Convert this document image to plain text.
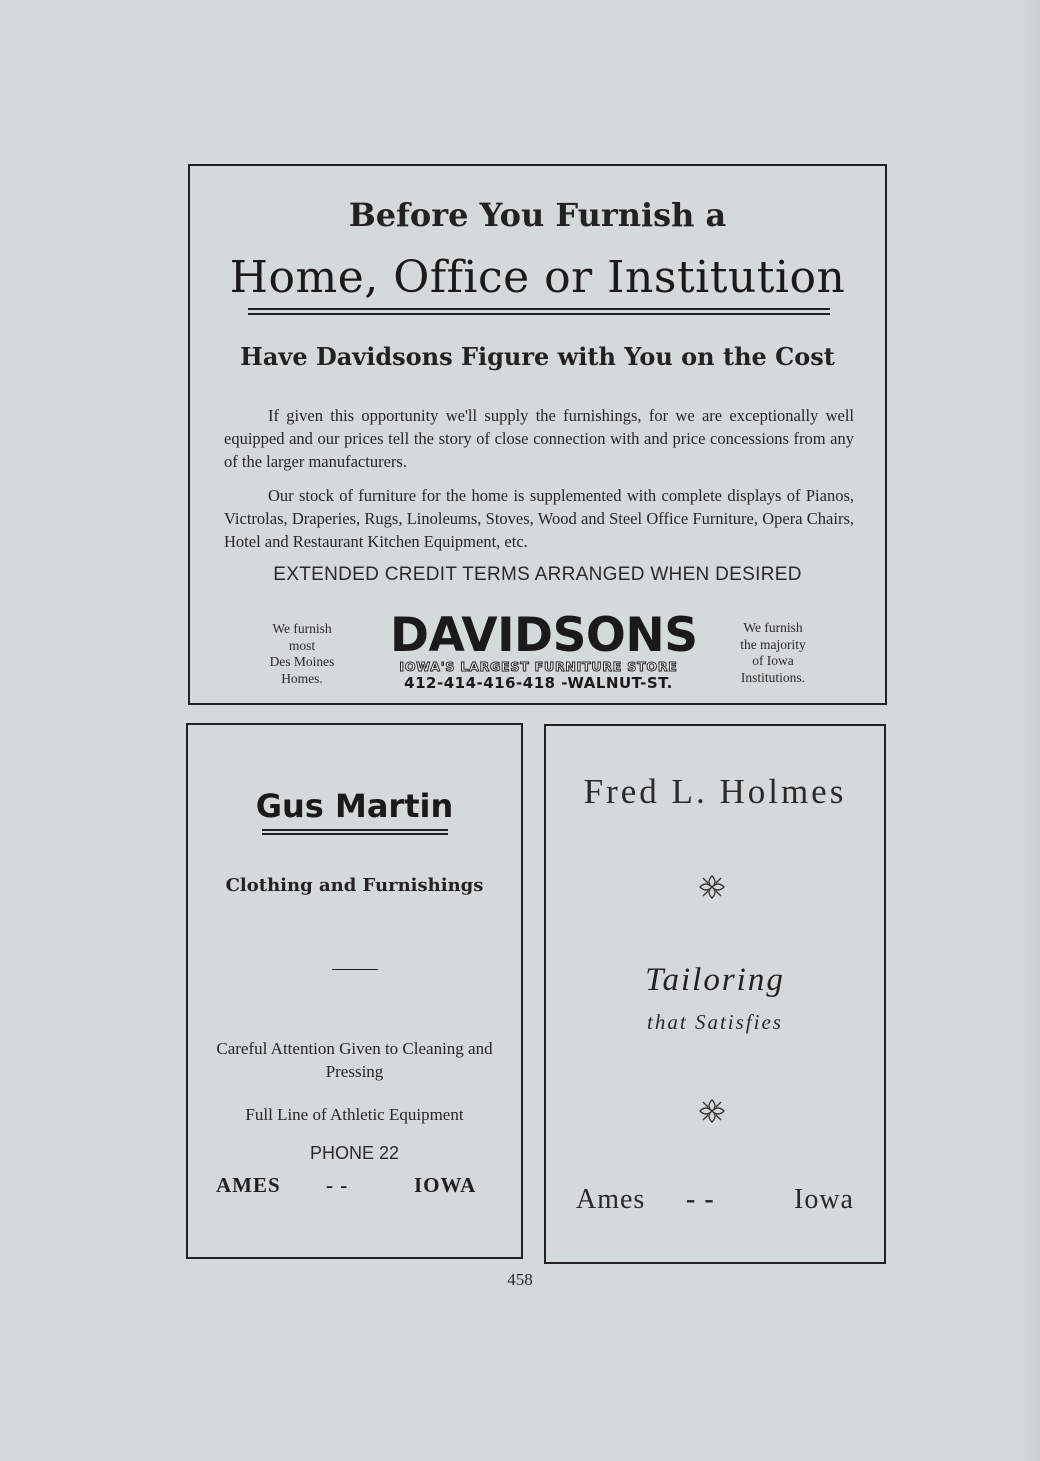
Before You Furnish a
Home, Office or Institution
Have Davidsons Figure with You on the Cost

If given this opportunity we'll supply the furnishings, for we are exceptionally well equipped and our prices tell the story of close connection with and price concessions from any of the larger manufacturers.

Our stock of furniture for the home is supplemented with complete displays of Pianos, Victrolas, Draperies, Rugs, Linoleums, Stoves, Wood and Steel Office Furniture, Opera Chairs, Hotel and Restaurant Kitchen Equipment, etc.

EXTENDED CREDIT TERMS ARRANGED WHEN DESIRED
We furnish
most
Des Moines
Homes.
DAVIDSONS
IOWA'S LARGEST FURNITURE STORE
412-414-416-418 -WALNUT-ST.
We furnish
the majority
of Iowa
Institutions.
Gus Martin
Clothing and Furnishings
Careful Attention Given to Cleaning and Pressing
Full Line of Athletic Equipment
PHONE 22
AMES - -	IOWA
Fred L. Holmes
Tailoring
that Satisfies
Ames - -	Iowa
458
